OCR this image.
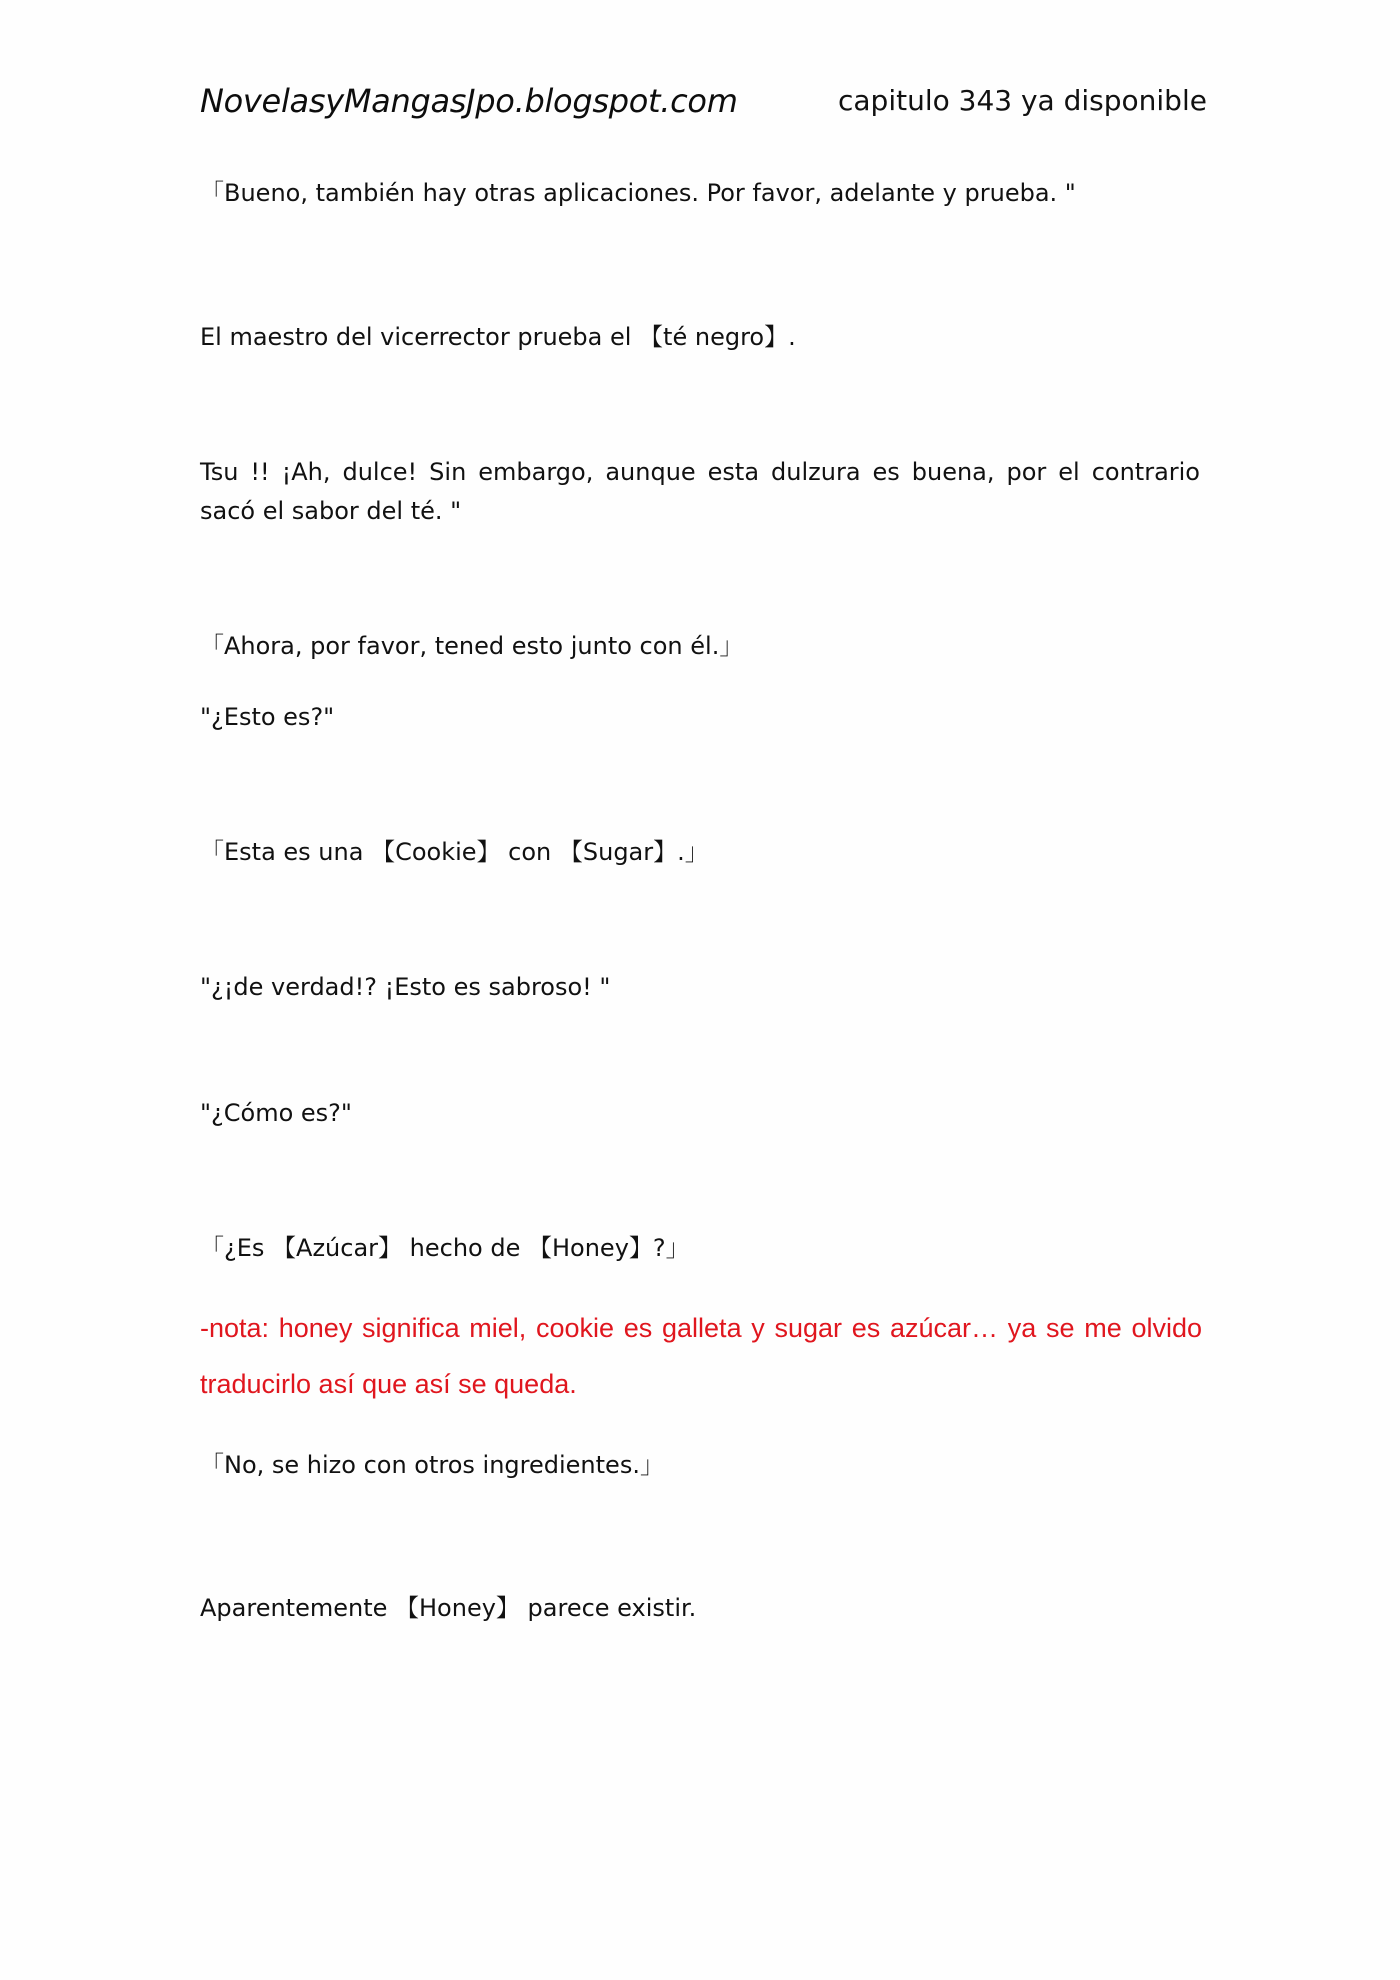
NovelasyMangasJpo.blogspot.com	capitulo 343 ya disponible
「Bueno, también hay otras aplicaciones. Por favor, adelante y prueba. "
El maestro del vicerrector prueba el 【té negro】.
Tsu !! ¡Ah, dulce! Sin embargo, aunque esta dulzura es buena, por el contrario sacó el sabor del té. "
「Ahora, por favor, tened esto junto con él.」
"¿Esto es?"
「Esta es una 【Cookie】 con 【Sugar】.」
"¿¡de verdad!? ¡Esto es sabroso! "
"¿Cómo es?"
「¿Es 【Azúcar】 hecho de 【Honey】?」
-nota: honey significa miel, cookie es galleta y sugar es azúcar… ya se me olvido traducirlo así que así se queda.
「No, se hizo con otros ingredientes.」
Aparentemente 【Honey】 parece existir.
